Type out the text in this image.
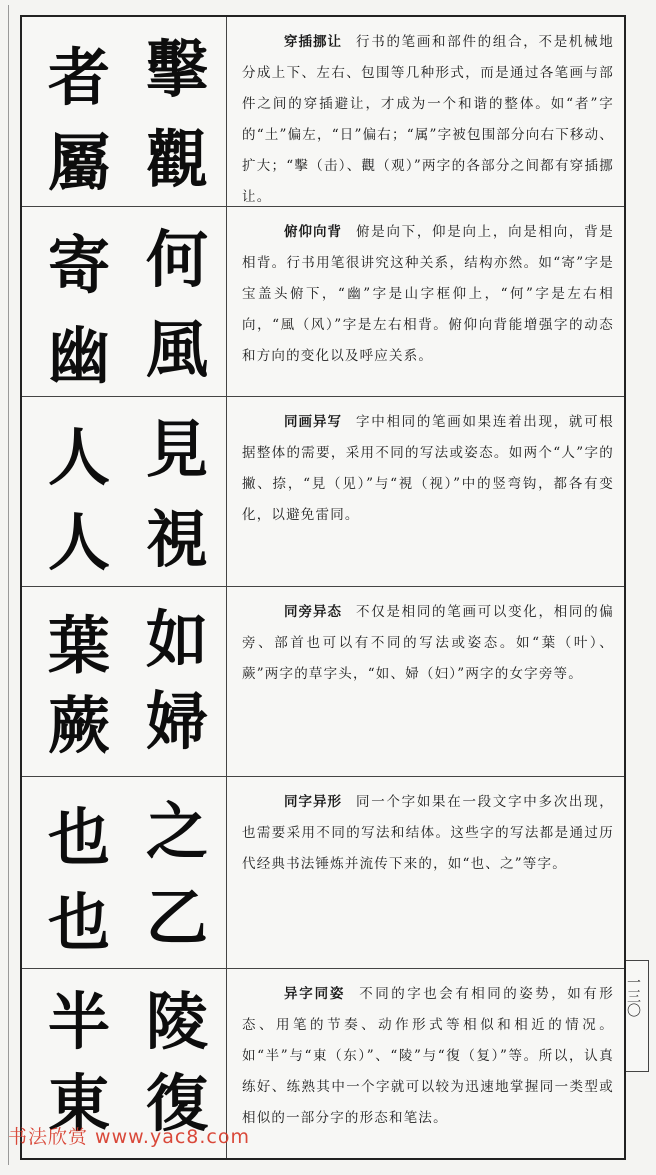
擊
觀
者
屬
穿插挪让 行书的笔画和部件的组合，不是机械地分成上下、左右、包围等几种形式，而是通过各笔画与部件之间的穿插避让，才成为一个和谐的整体。如“者”字的“土”偏左，“日”偏右；“属”字被包围部分向右下移动、扩大；“擊（击）、觀（观）”两字的各部分之间都有穿插挪让。
何
風
寄
幽
俯仰向背 俯是向下，仰是向上，向是相向，背是相背。行书用笔很讲究这种关系，结构亦然。如“寄”字是宝盖头俯下，“幽”字是山字框仰上，“何”字是左右相向，“風（风）”字是左右相背。俯仰向背能增强字的动态和方向的变化以及呼应关系。
見
視
人
人
同画异写 字中相同的笔画如果连着出现，就可根据整体的需要，采用不同的写法或姿态。如两个“人”字的撇、捺，“見（见）”与“視（视）”中的竖弯钩，都各有变化，以避免雷同。
如
婦
葉
蕨
同旁异态 不仅是相同的笔画可以变化，相同的偏旁、部首也可以有不同的写法或姿态。如“葉（叶）、蕨”两字的草字头，“如、婦（妇）”两字的女字旁等。
之
乙
也
也
同字异形 同一个字如果在一段文字中多次出现，也需要采用不同的写法和结体。这些字的写法都是通过历代经典书法锤炼并流传下来的，如“也、之”等字。
陵
復
半
東
异字同姿 不同的字也会有相同的姿势，如有形态、用笔的节奏、动作形式等相似和相近的情况。如“半”与“東（东）”、“陵”与“復（复）”等。所以，认真练好、练熟其中一个字就可以较为迅速地掌握同一类型或相似的一部分字的形态和笔法。
一三〇
书法欣赏 www.yac8.com
